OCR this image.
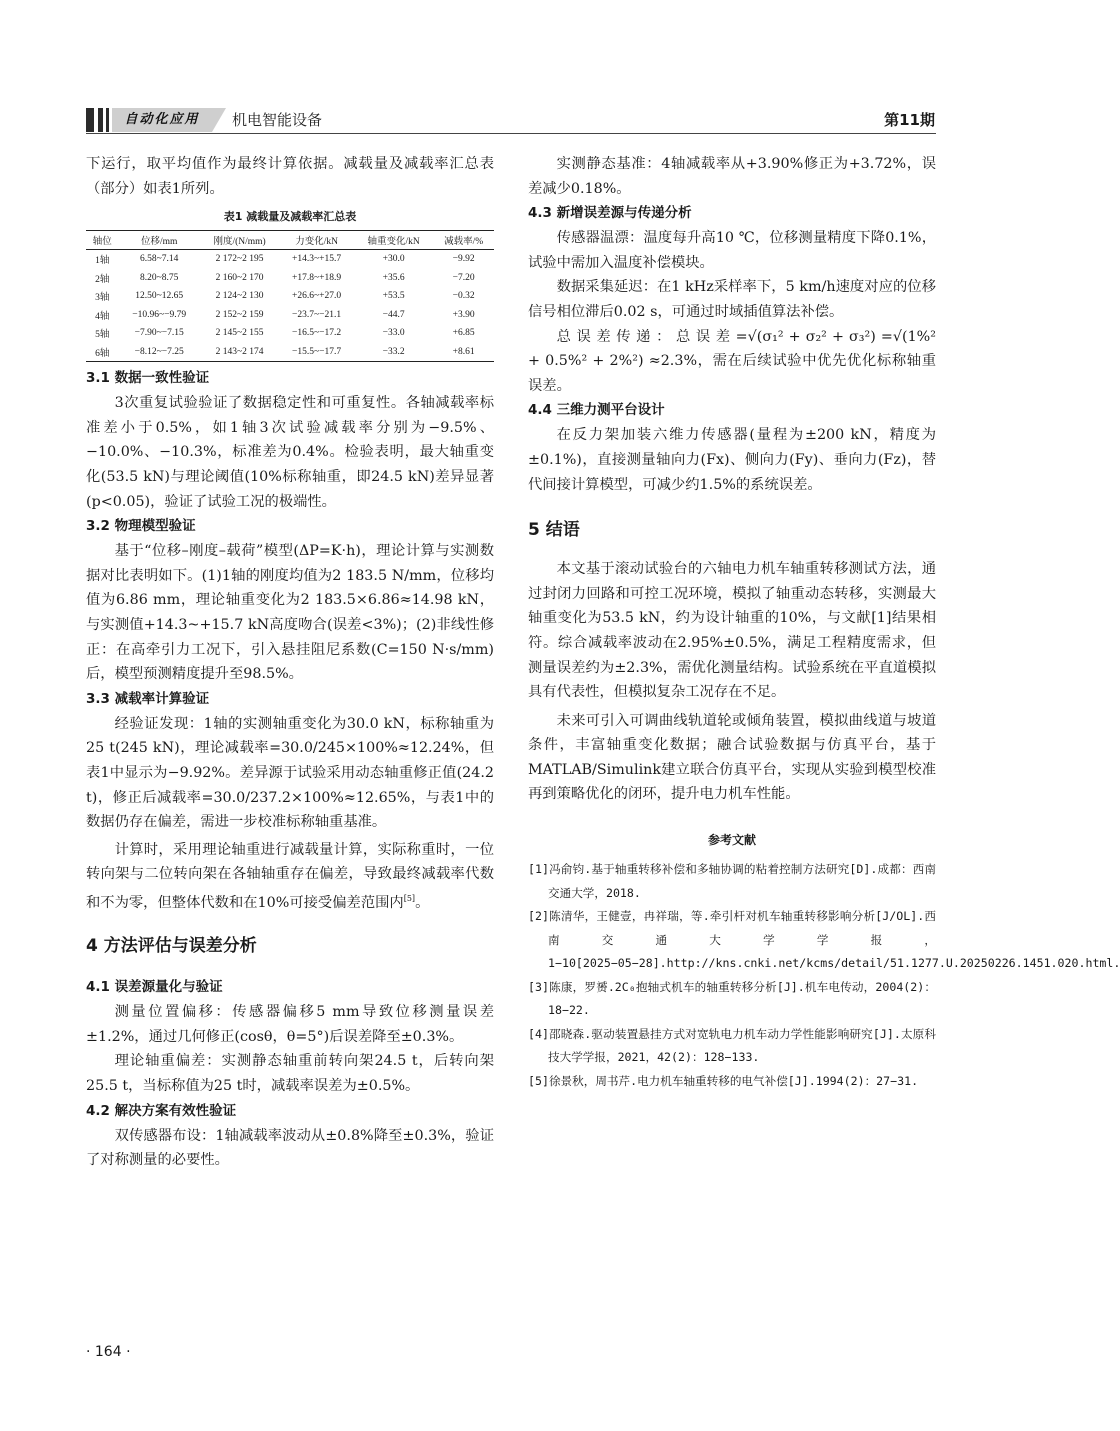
自动化应用	机电智能设备	第11期

下运行，取平均值作为最终计算依据。减载量及减载率汇总表（部分）如表1所列。

表1 减载量及减载率汇总表
轴位	位移/mm	刚度/(N/mm)	力变化/kN	轴重变化/kN	减载率/%
1轴	6.58~7.14	2 172~2 195	+14.3~+15.7	+30.0	−9.92
2轴	8.20~8.75	2 160~2 170	+17.8~+18.9	+35.6	−7.20
3轴	12.50~12.65	2 124~2 130	+26.6~+27.0	+53.5	−0.32
4轴	−10.96~−9.79	2 152~2 159	−23.7~−21.1	−44.7	+3.90
5轴	−7.90~−7.15	2 145~2 155	−16.5~−17.2	−33.0	+6.85
6轴	−8.12~−7.25	2 143~2 174	−15.5~−17.7	−33.2	+8.61
3.1 数据一致性验证

3次重复试验验证了数据稳定性和可重复性。各轴减载率标准差小于0.5%，如1轴3次试验减载率分别为−9.5%、−10.0%、−10.3%，标准差为0.4%。检验表明，最大轴重变化(53.5 kN)与理论阈值(10%标称轴重，即24.5 kN)差异显著(p<0.05)，验证了试验工况的极端性。

3.2 物理模型验证

基于“位移–刚度–载荷”模型(ΔP=K·h)，理论计算与实测数据对比表明如下。(1)1轴的刚度均值为2 183.5 N/mm，位移均值为6.86 mm，理论轴重变化为2 183.5×6.86≈14.98 kN，与实测值+14.3~+15.7 kN高度吻合(误差<3%)；(2)非线性修正：在高牵引力工况下，引入悬挂阻尼系数(C=150 N·s/mm)后，模型预测精度提升至98.5%。

3.3 减载率计算验证

经验证发现：1轴的实测轴重变化为30.0 kN，标称轴重为25 t(245 kN)，理论减载率=30.0/245×100%≈12.24%，但表1中显示为−9.92%。差异源于试验采用动态轴重修正值(24.2 t)，修正后减载率=30.0/237.2×100%≈12.65%，与表1中的数据仍存在偏差，需进一步校准标称轴重基准。

计算时，采用理论轴重进行减载量计算，实际称重时，一位转向架与二位转向架在各轴轴重存在偏差，导致最终减载率代数和不为零，但整体代数和在10%可接受偏差范围内[5]。

4 方法评估与误差分析
4.1 误差源量化与验证

测量位置偏移：传感器偏移5 mm导致位移测量误差±1.2%，通过几何修正(cosθ，θ=5°)后误差降至±0.3%。

理论轴重偏差：实测静态轴重前转向架24.5 t，后转向架25.5 t，当标称值为25 t时，减载率误差为±0.5%。

4.2 解决方案有效性验证

双传感器布设：1轴减载率波动从±0.8%降至±0.3%，验证了对称测量的必要性。

实测静态基准：4轴减载率从+3.90%修正为+3.72%，误差减少0.18%。

4.3 新增误差源与传递分析

传感器温漂：温度每升高10 ℃，位移测量精度下降0.1%，试验中需加入温度补偿模块。

数据采集延迟：在1 kHz采样率下，5 km/h速度对应的位移信号相位滞后0.02 s，可通过时域插值算法补偿。

总 误 差 传 递 ： 总 误 差 =√(σ₁² + σ₂² + σ₃²) =√(1%² + 0.5%² + 2%²) ≈2.3%，需在后续试验中优先优化标称轴重误差。

4.4 三维力测平台设计

在反力架加装六维力传感器(量程为±200 kN，精度为±0.1%)，直接测量轴向力(Fx)、侧向力(Fy)、垂向力(Fz)，替代间接计算模型，可减少约1.5%的系统误差。

5 结语

本文基于滚动试验台的六轴电力机车轴重转移测试方法，通过封闭力回路和可控工况环境，模拟了轴重动态转移，实测最大轴重变化为53.5 kN，约为设计轴重的10%，与文献[1]结果相符。综合减载率波动在2.95%±0.5%，满足工程精度需求，但测量误差约为±2.3%，需优化测量结构。试验系统在平直道模拟具有代表性，但模拟复杂工况存在不足。

未来可引入可调曲线轨道轮或倾角装置，模拟曲线道与坡道条件，丰富轴重变化数据；融合试验数据与仿真平台，基于MATLAB/Simulink建立联合仿真平台，实现从实验到模型校准再到策略优化的闭环，提升电力机车性能。

参考文献
[1]冯俞钧.基于轴重转移补偿和多轴协调的粘着控制方法研究[D].成都：西南交通大学，2018.
[2]陈清华，王健壹，冉祥瑞，等.牵引杆对机车轴重转移影响分析[J/OL].西南交通大学学报，1−10[2025−05−28].http://kns.cnki.net/kcms/detail/51.1277.U.20250226.1451.020.html.
[3]陈康，罗赟.2C₀抱轴式机车的轴重转移分析[J].机车电传动，2004(2)：18−22.
[4]邵晓森.驱动装置悬挂方式对宽轨电力机车动力学性能影响研究[J].太原科技大学学报，2021，42(2)：128−133.
[5]徐景秋，周书芹.电力机车轴重转移的电气补偿[J].1994(2)：27−31.
· 164 ·
